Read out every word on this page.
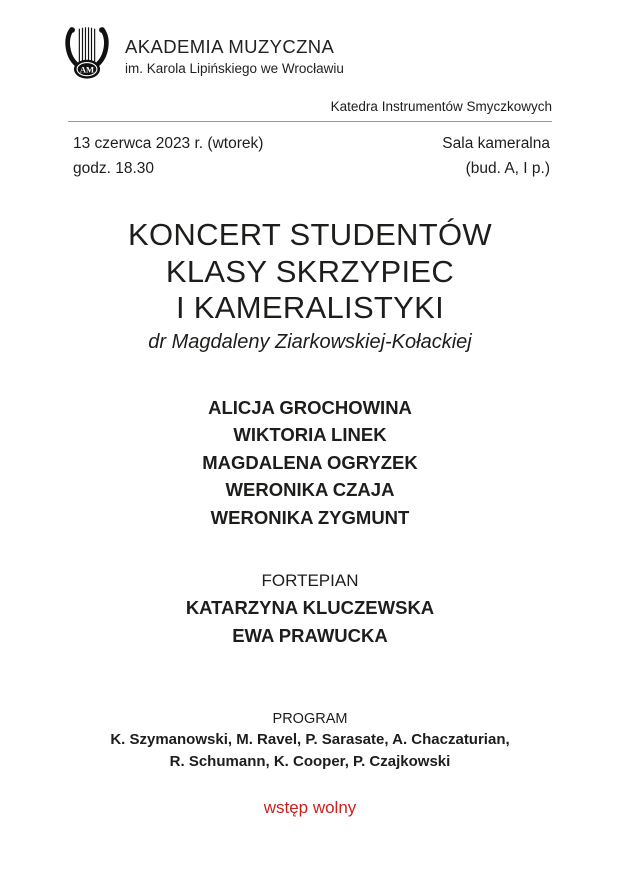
AM
AKADEMIA MUZYCZNA
im. Karola Lipińskiego we Wrocławiu
Katedra Instrumentów Smyczkowych
13 czerwca 2023 r. (wtorek)
godz. 18.30
Sala kameralna
(bud. A, I p.)
KONCERT STUDENTÓW
KLASY SKRZYPIEC
I KAMERALISTYKI
dr Magdaleny Ziarkowskiej-Kołackiej
ALICJA GROCHOWINA
WIKTORIA LINEK
MAGDALENA OGRYZEK
WERONIKA CZAJA
WERONIKA ZYGMUNT
FORTEPIAN
KATARZYNA KLUCZEWSKA
EWA PRAWUCKA
PROGRAM
K. Szymanowski, M. Ravel, P. Sarasate, A. Chaczaturian,
R. Schumann, K. Cooper, P. Czajkowski
wstęp wolny
